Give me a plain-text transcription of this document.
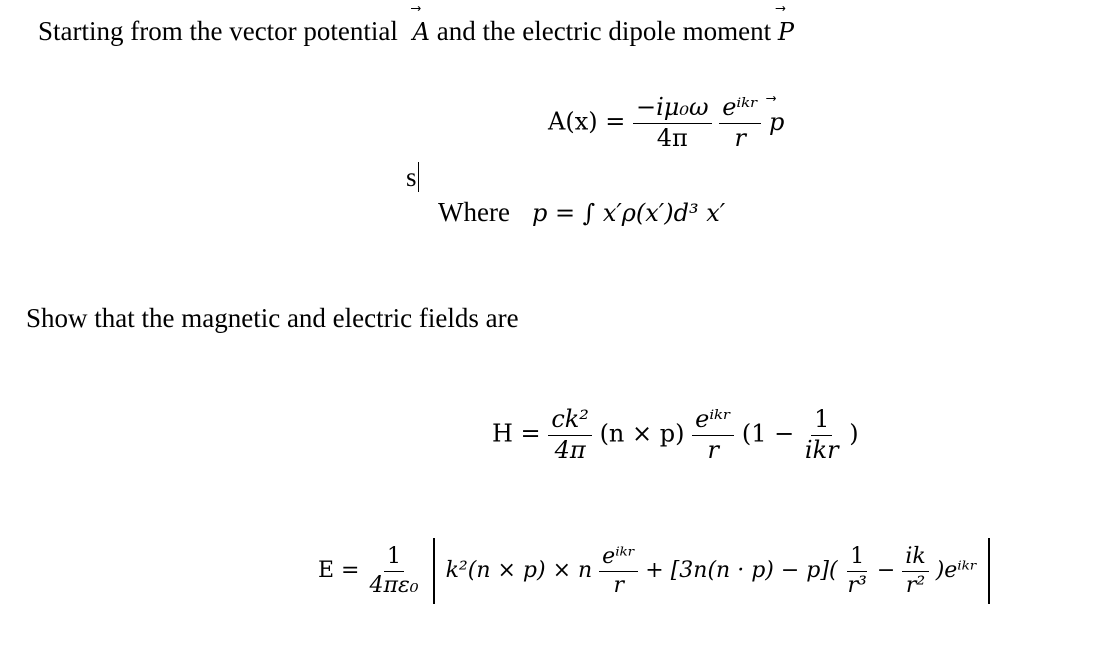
Starting from the vector potential ⃗ A and the electric dipole moment ⃗ P
$A(x) = \frac{\text{−iμ₀ω}}{4\pi}$
$\frac{\text{eⁱᵏʳ}}{r}$ ⃗ p
s
Where p = ∫ x′ρ(x′)d³ x′
Show that the magnetic and electric fields are
$H = \frac{\text{ck²}}{4\pi} (n \times p) \frac{\text{eⁱᵏʳ}}{r} (1 - \frac{1}{\text{ikr}}$ )
$E = \frac{1}{\text{4πε₀}} k^2(n \times p) \times n \frac{\text{eⁱᵏʳ}}{r} + [3n(n \cdot p) - p]( \frac{1}{\text{r³}} - \frac{ik}{\text{r²}}$ )eⁱᵏʳ
